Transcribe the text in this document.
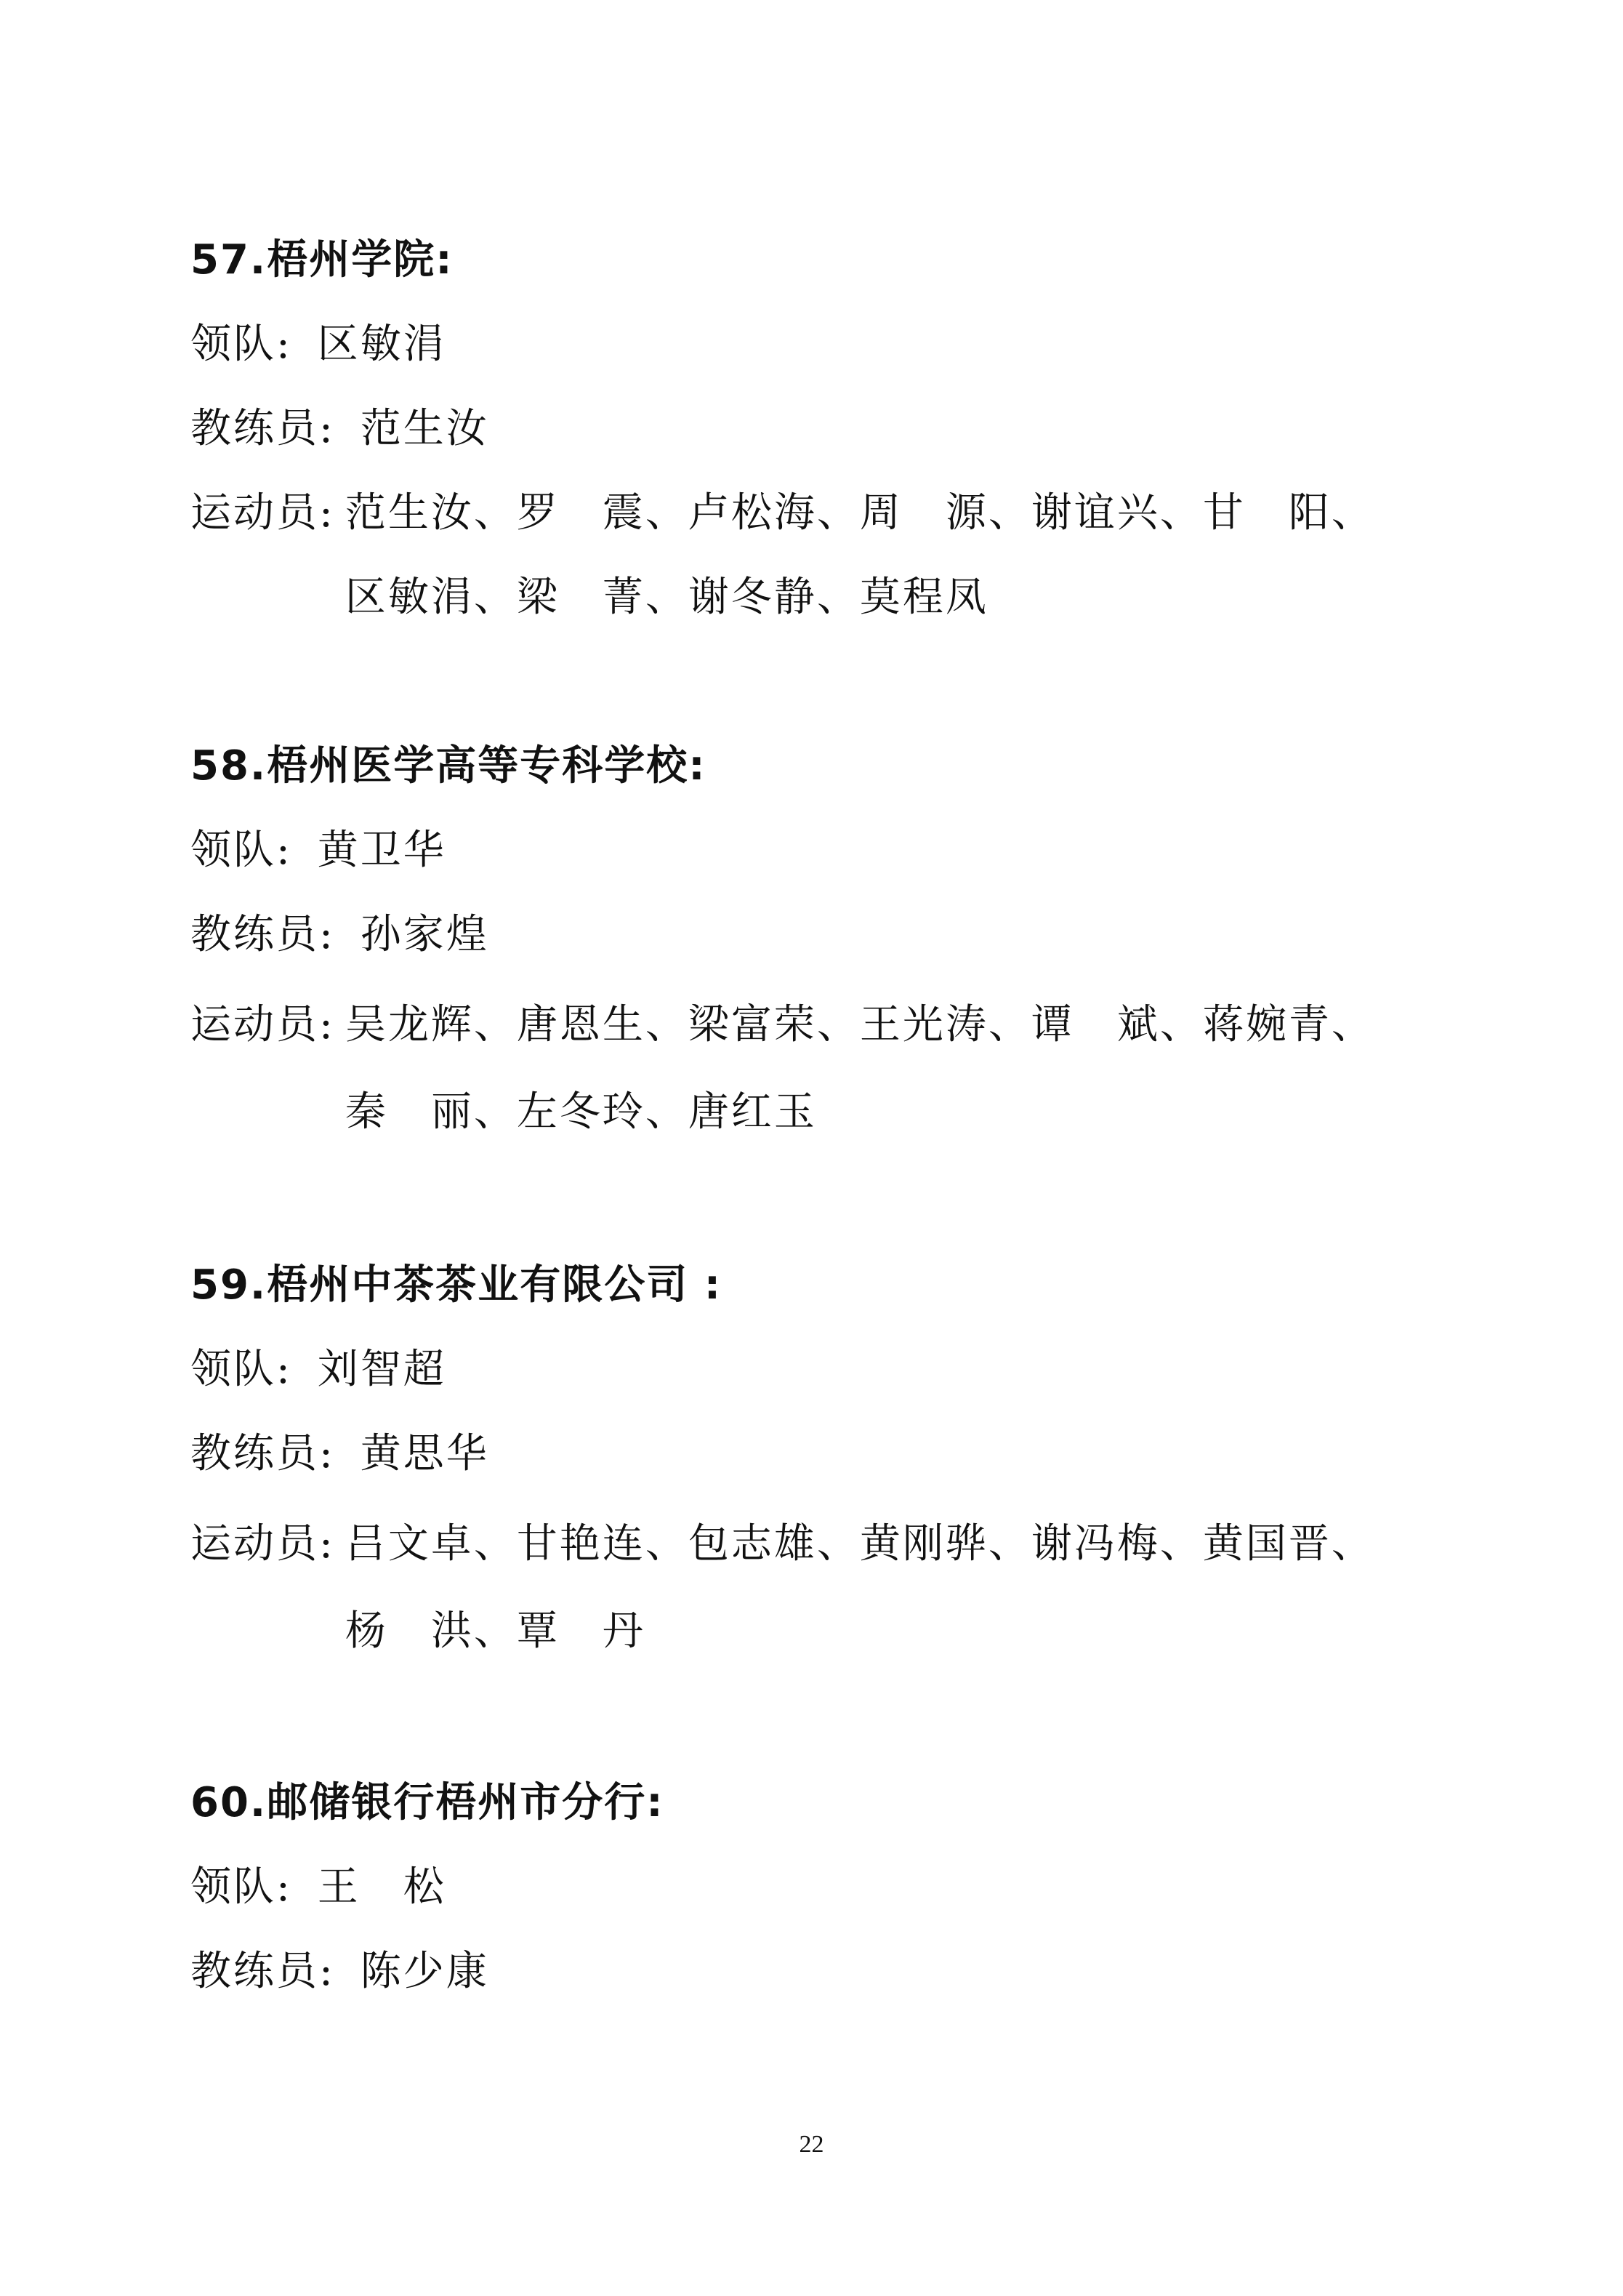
57.梧州学院:
领队: 区敏涓
教练员: 范生汝
运动员: 范生汝、罗　震、卢松海、周　源、谢谊兴、甘　阳、
区敏涓、梁　菁、谢冬静、莫程凤
58.梧州医学高等专科学校:
领队: 黄卫华
教练员: 孙家煌
运动员: 吴龙辉、唐恩生、梁富荣、王光涛、谭　斌、蒋婉青、
秦　丽、左冬玲、唐红玉
59.梧州中茶茶业有限公司 :
领队: 刘智超
教练员: 黄思华
运动员: 吕文卓、甘艳连、包志雄、黄刚骅、谢冯梅、黄国晋、
杨　洪、覃　丹
60.邮储银行梧州市分行:
领队: 王　松
教练员: 陈少康
22
